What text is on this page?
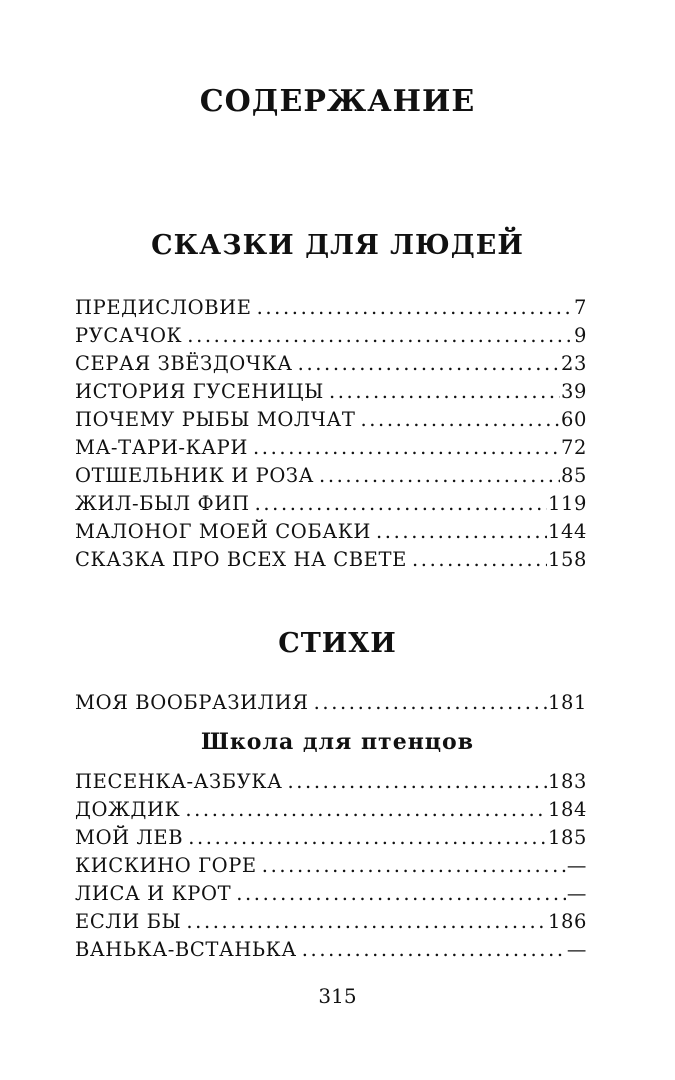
СОДЕРЖАНИЕ
СКАЗКИ ДЛЯ ЛЮДЕЙ
ПРЕДИСЛОВИЕ .....	7
РУСАЧОК .....	9
СЕРАЯ ЗВЁЗДОЧКА .....	23
ИСТОРИЯ ГУСЕНИЦЫ .....	39
ПОЧЕМУ РЫБЫ МОЛЧАТ .....	60
МА-ТАРИ-КАРИ .....	72
ОТШЕЛЬНИК И РОЗА .....	85
ЖИЛ-БЫЛ ФИП .....	119
МАЛОНОГ МОЕЙ СОБАКИ .....	144
СКАЗКА ПРО ВСЕХ НА СВЕТЕ .....	158
СТИХИ
МОЯ ВООБРАЗИЛИЯ .....	181
Школа для птенцов
ПЕСЕНКА-АЗБУКА .....	183
ДОЖДИК .....	184
МОЙ ЛЕВ .....	185
КИСКИНО ГОРЕ .....	—
ЛИСА И КРОТ .....	—
ЕСЛИ БЫ .....	186
ВАНЬКА-ВСТАНЬКА .....	—
315
